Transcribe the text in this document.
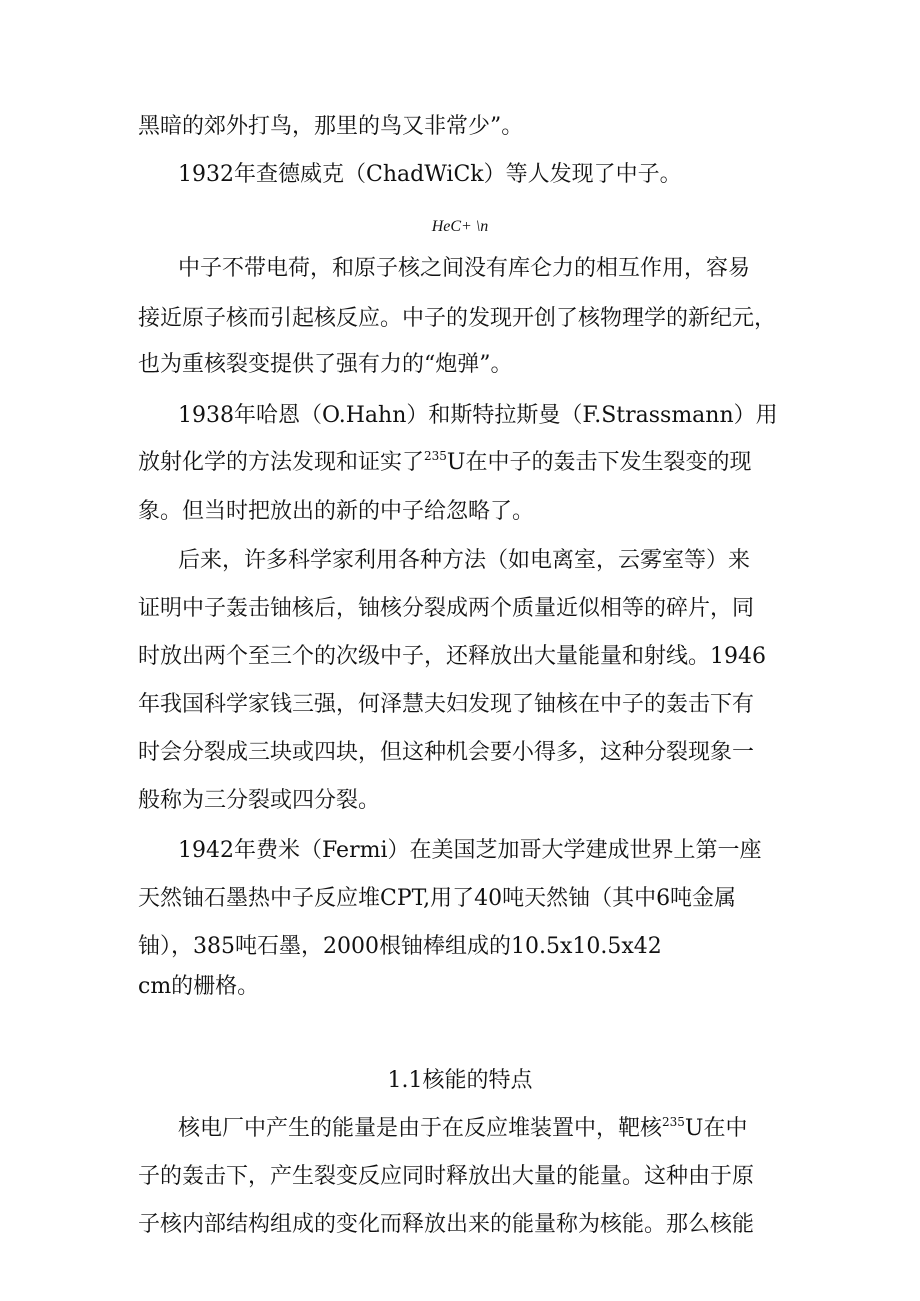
黑暗的郊外打鸟，那里的鸟又非常少”。

1932年查德威克（ChadWiCk）等人发现了中子。

HeC+ \n

中子不带电荷，和原子核之间没有库仑力的相互作用，容易

接近原子核而引起核反应。中子的发现开创了核物理学的新纪元，

也为重核裂变提供了强有力的“炮弹”。

1938年哈恩（O.Hahn）和斯特拉斯曼（F.Strassmann）用

放射化学的方法发现和证实了$^{235}$U在中子的轰击下发生裂变的现

象。但当时把放出的新的中子给忽略了。

后来，许多科学家利用各种方法（如电离室，云雾室等）来

证明中子轰击铀核后，铀核分裂成两个质量近似相等的碎片，同

时放出两个至三个的次级中子，还释放出大量能量和射线。1946

年我国科学家钱三强，何泽慧夫妇发现了铀核在中子的轰击下有

时会分裂成三块或四块，但这种机会要小得多，这种分裂现象一

般称为三分裂或四分裂。

1942年费米（Fermi）在美国芝加哥大学建成世界上第一座

天然铀石墨热中子反应堆CPT,用了40吨天然铀（其中6吨金属

铀），385吨石墨，2000根铀棒组成的10.5x10.5x42

cm的栅格。

1.1核能的特点

核电厂中产生的能量是由于在反应堆装置中，靶核$^{235}$U在中

子的轰击下，产生裂变反应同时释放出大量的能量。这种由于原

子核内部结构组成的变化而释放出来的能量称为核能。那么核能
